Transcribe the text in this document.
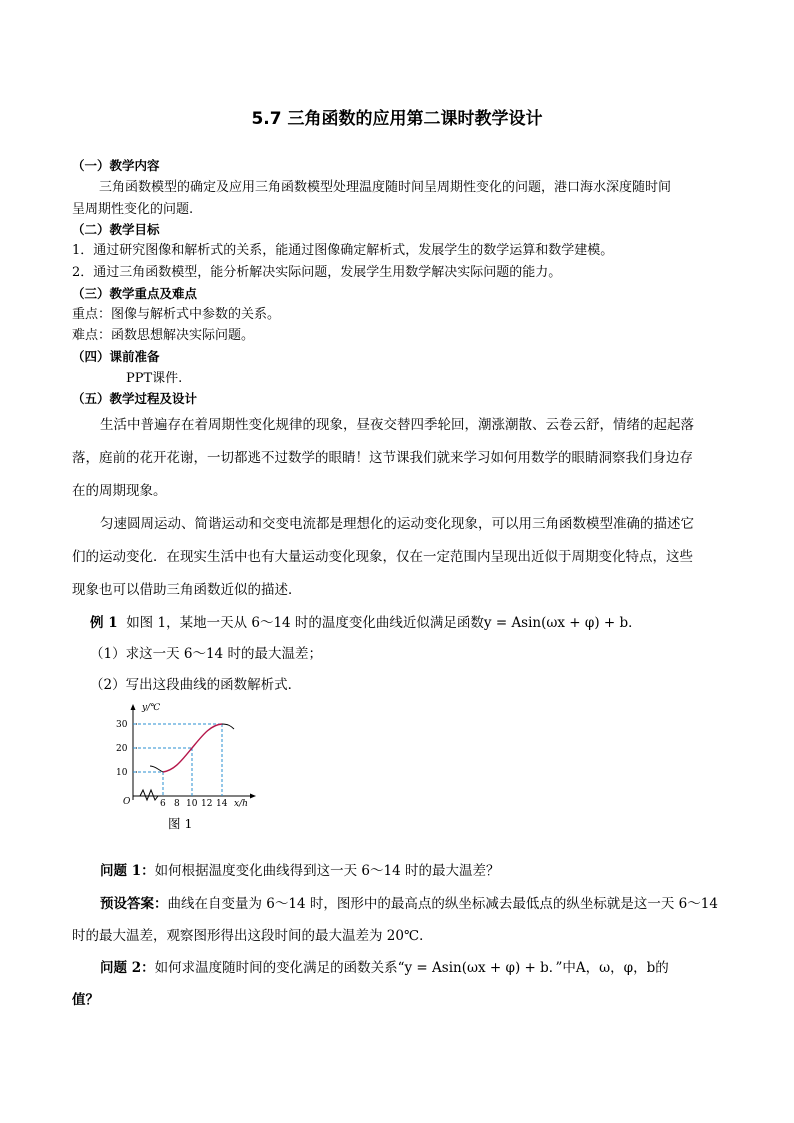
5.7 三角函数的应用第二课时教学设计
（一）教学内容
三角函数模型的确定及应用三角函数模型处理温度随时间呈周期性变化的问题，港口海水深度随时间
呈周期性变化的问题.
（二）教学目标
1．通过研究图像和解析式的关系，能通过图像确定解析式，发展学生的数学运算和数学建模。
2．通过三角函数模型，能分析解决实际问题，发展学生用数学解决实际问题的能力。
（三）教学重点及难点
重点：图像与解析式中参数的关系。
难点：函数思想解决实际问题。
（四）课前准备
PPT课件.
（五）教学过程及设计
生活中普遍存在着周期性变化规律的现象，昼夜交替四季轮回，潮涨潮散、云卷云舒，情绪的起起落
落，庭前的花开花谢，一切都逃不过数学的眼睛！这节课我们就来学习如何用数学的眼睛洞察我们身边存
在的周期现象。
匀速圆周运动、简谐运动和交变电流都是理想化的运动变化现象，可以用三角函数模型准确的描述它
们的运动变化．在现实生活中也有大量运动变化现象，仅在一定范围内呈现出近似于周期变化特点，这些
现象也可以借助三角函数近似的描述．
例 1 如图 1，某地一天从 6～14 时的温度变化曲线近似满足函数y = Asin(ωx + φ) + b．
（1）求这一天 6～14 时的最大温差；
（2）写出这段曲线的函数解析式．
y/℃
30
20
10
O	6 8 10 12 14 x/h
图 1
问题 1：如何根据温度变化曲线得到这一天 6～14 时的最大温差？
预设答案：曲线在自变量为 6～14 时，图形中的最高点的纵坐标减去最低点的纵坐标就是这一天 6～14
时的最大温差，观察图形得出这段时间的最大温差为 20℃．
问题 2：如何求温度随时间的变化满足的函数关系“y = Asin(ωx + φ) + b．”中A，ω，φ，b的
值？
